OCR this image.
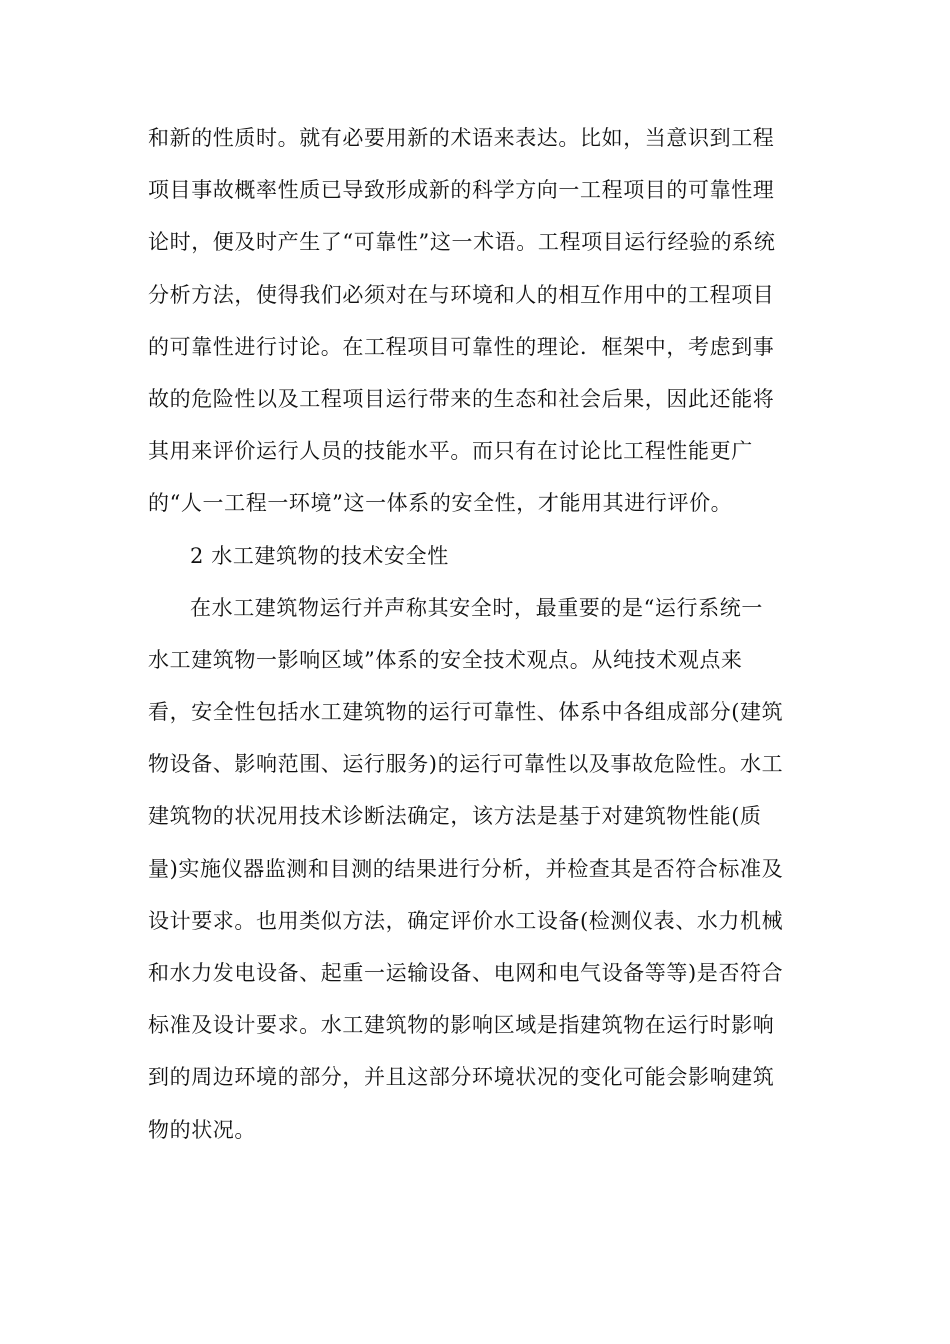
和新的性质时。就有必要用新的术语来表达。比如，当意识到工程
项目事故概率性质已导致形成新的科学方向一工程项目的可靠性理
论时，便及时产生了“可靠性”这一术语。工程项目运行经验的系统
分析方法，使得我们必须对在与环境和人的相互作用中的工程项目
的可靠性进行讨论。在工程项目可靠性的理论．框架中，考虑到事
故的危险性以及工程项目运行带来的生态和社会后果，因此还能将
其用来评价运行人员的技能水平。而只有在讨论比工程性能更广
的“人一工程一环境”这一体系的安全性，才能用其进行评价。
2 水工建筑物的技术安全性
在水工建筑物运行并声称其安全时，最重要的是“运行系统一
水工建筑物一影响区域”体系的安全技术观点。从纯技术观点来
看，安全性包括水工建筑物的运行可靠性、体系中各组成部分(建筑
物设备、影响范围、运行服务)的运行可靠性以及事故危险性。水工
建筑物的状况用技术诊断法确定，该方法是基于对建筑物性能(质
量)实施仪器监测和目测的结果进行分析，并检查其是否符合标准及
设计要求。也用类似方法，确定评价水工设备(检测仪表、水力机械
和水力发电设备、起重一运输设备、电网和电气设备等等)是否符合
标准及设计要求。水工建筑物的影响区域是指建筑物在运行时影响
到的周边环境的部分，并且这部分环境状况的变化可能会影响建筑
物的状况。
